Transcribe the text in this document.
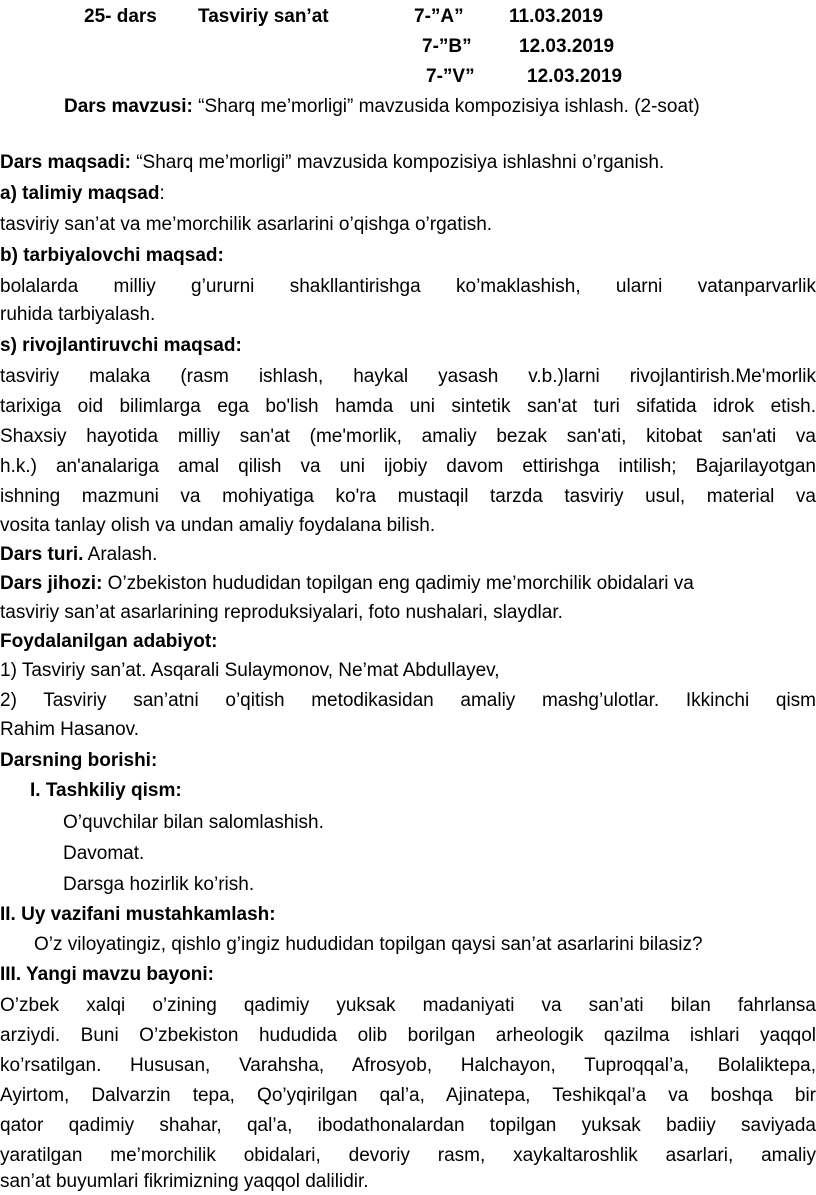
25- dars Tasviriy san’at	7-”A” 11.03.2019
7-”B” 12.03.2019
7-”V”	12.03.2019
Dars mavzusi: “Sharq me’morligi” mavzusida kompozisiya ishlash. (2-soat)
Dars maqsadi: “Sharq me’morligi” mavzusida kompozisiya ishlashni o’rganish.
a) talimiy maqsad:
tasviriy san’at va me’morchilik asarlarini o’qishga o’rgatish.
b) tarbiyalovchi maqsad:
bolalarda milliy g’ururni shakllantirishga ko’maklashish, ularni vatanparvarlik
ruhida tarbiyalash.
s) rivojlantiruvchi maqsad:
tasviriy malaka (rasm ishlash, haykal yasash v.b.)larni rivojlantirish.Me'morlik
tarixiga oid bilimlarga ega bo'lish hamda uni sintetik san'at turi sifatida idrok etish.
Shaxsiy hayotida milliy san'at (me'morlik, amaliy bezak san'ati, kitobat san'ati va
h.k.) an'analariga amal qilish va uni ijobiy davom ettirishga intilish; Bajarilayotgan
ishning mazmuni va mohiyatiga ko'ra mustaqil tarzda tasviriy usul, material va
vosita tanlay olish va undan amaliy foydalana bilish.
Dars turi. Aralash.
Dars jihozi: O’zbekiston hududidan topilgan eng qadimiy me’morchilik obidalari va
tasviriy san’at asarlarining reproduksiyalari, foto nushalari, slaydlar.
Foydalanilgan adabiyot:
1) Tasviriy san’at. Asqarali Sulaymonov, Ne’mat Abdullayev,
2) Tasviriy san’atni o’qitish metodikasidan amaliy mashg’ulotlar. Ikkinchi qism
Rahim Hasanov.
Darsning borishi:
I. Tashkiliy qism:
O’quvchilar bilan salomlashish.
Davomat.
Darsga hozirlik ko’rish.
II. Uy vazifani mustahkamlash:
O’z viloyatingiz, qishlo g’ingiz hududidan topilgan qaysi san’at asarlarini bilasiz?
III. Yangi mavzu bayoni:
O’zbek xalqi o’zining qadimiy yuksak madaniyati va san’ati bilan fahrlansa
arziydi. Buni O’zbekiston hududida olib borilgan arheologik qazilma ishlari yaqqol
ko’rsatilgan. Hususan, Varahsha, Afrosyob, Halchayon, Tuproqqal’a, Bolaliktepa,
Ayirtom, Dalvarzin tepa, Qo’yqirilgan qal’a, Ajinatepa, Teshikqal’a va boshqa bir
qator qadimiy shahar, qal’a, ibodathonalardan topilgan yuksak badiiy saviyada
yaratilgan me’morchilik obidalari, devoriy rasm, xaykaltaroshlik asarlari, amaliy
san’at buyumlari fikrimizning yaqqol dalilidir.
